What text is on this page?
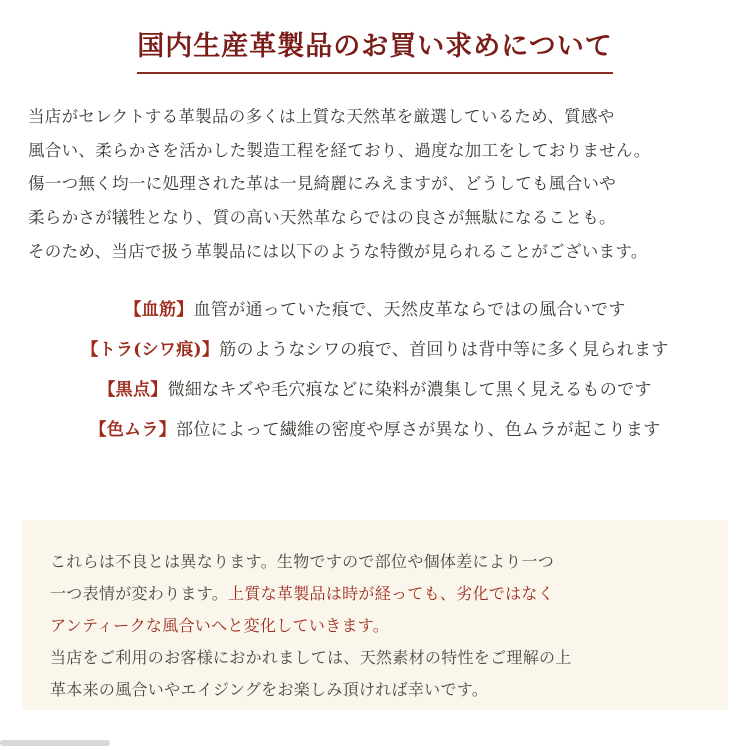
国内生産革製品のお買い求めについて
当店がセレクトする革製品の多くは上質な天然革を厳選しているため、質感や
風合い、柔らかさを活かした製造工程を経ており、過度な加工をしておりません。
傷一つ無く均一に処理された革は一見綺麗にみえますが、どうしても風合いや
柔らかさが犠牲となり、質の高い天然革ならではの良さが無駄になることも。
そのため、当店で扱う革製品には以下のような特徴が見られることがございます。
【血筋】血管が通っていた痕で、天然皮革ならではの風合いです
【トラ(シワ痕)】筋のようなシワの痕で、首回りは背中等に多く見られます
【黒点】微細なキズや毛穴痕などに染料が濃集して黒く見えるものです
【色ムラ】部位によって繊維の密度や厚さが異なり、色ムラが起こります
これらは不良とは異なります。生物ですので部位や個体差により一つ
一つ表情が変わります。上質な革製品は時が経っても、劣化ではなく
アンティークな風合いへと変化していきます。
当店をご利用のお客様におかれましては、天然素材の特性をご理解の上
革本来の風合いやエイジングをお楽しみ頂ければ幸いです。
